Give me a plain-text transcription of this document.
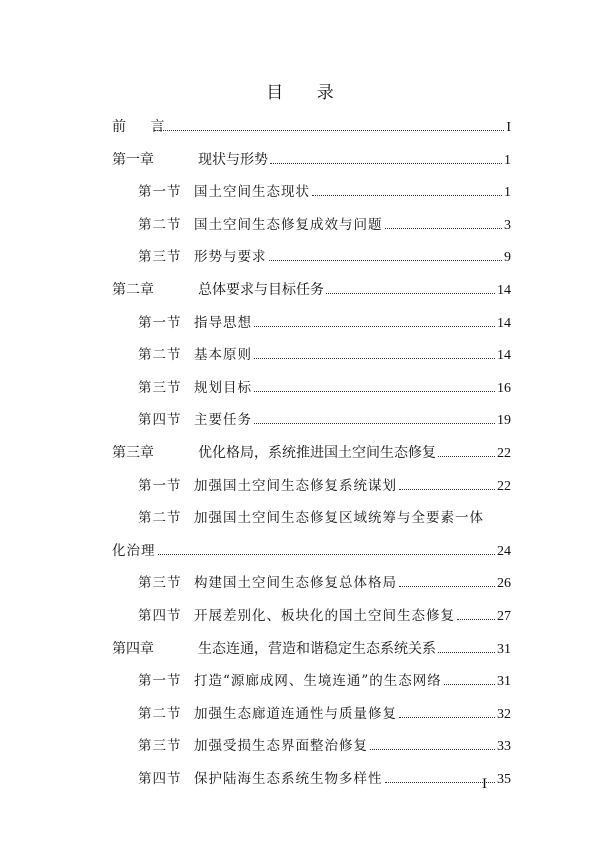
目 录
前 言	I
第一章	现状与形势	1
第一节 国土空间生态现状	1
第二节 国土空间生态修复成效与问题	3
第三节 形势与要求	9
第二章	总体要求与目标任务	14
第一节 指导思想	14
第二节 基本原则	14
第三节 规划目标	16
第四节 主要任务	19
第三章	优化格局，系统推进国土空间生态修复	22
第一节 加强国土空间生态修复系统谋划	22
第二节 加强国土空间生态修复区域统筹与全要素一体
化治理	24
第三节 构建国土空间生态修复总体格局	26
第四节 开展差别化、板块化的国土空间生态修复	27
第四章	生态连通，营造和谐稳定生态系统关系	31
第一节 打造“源廊成网、生境连通”的生态网络	31
第二节 加强生态廊道连通性与质量修复	32
第三节 加强受损生态界面整治修复	33
第四节 保护陆海生态系统生物多样性	35
I
